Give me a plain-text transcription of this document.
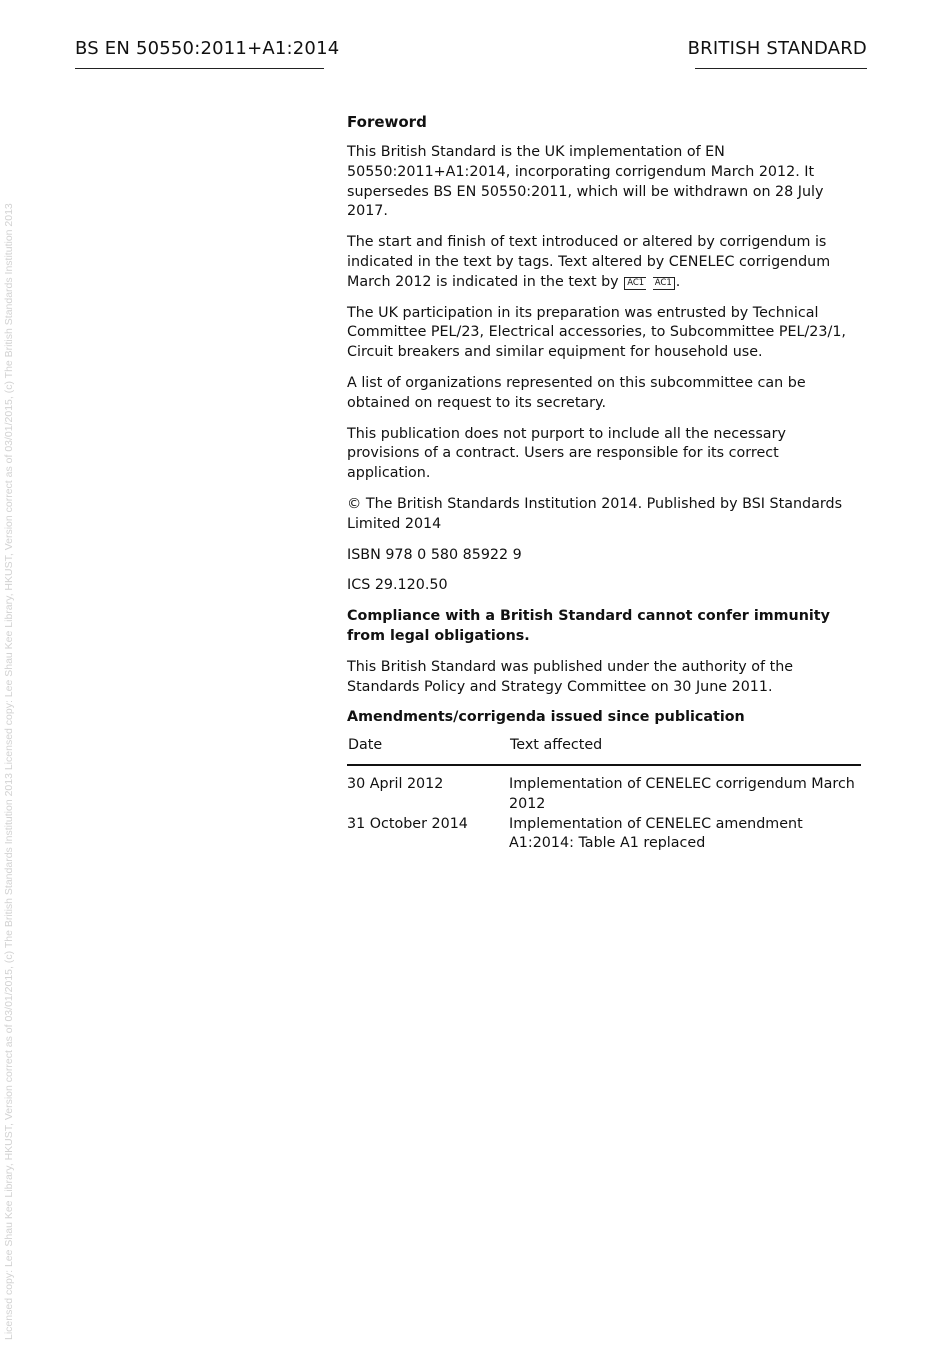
Licensed copy: Lee Shau Kee Library, HKUST, Version correct as of 03/01/2015, (c) The British Standards Institution 2013 Licensed copy: Lee Shau Kee Library, HKUST, Version correct as of 03/01/2015, (c) The British Standards Institution 2013
BS EN 50550:2011+A1:2014	BRITISH STANDARD
Foreword

This British Standard is the UK implementation of EN 50550:2011+A1:2014, incorporating corrigendum March 2012. It supersedes BS EN 50550:2011, which will be withdrawn on 28 July 2017.

The start and finish of text introduced or altered by corrigendum is indicated in the text by tags. Text altered by CENELEC corrigendum March 2012 is indicated in the text by AC1 AC1 .

The UK participation in its preparation was entrusted by Technical Committee PEL/23, Electrical accessories, to Subcommittee PEL/23/1, Circuit breakers and similar equipment for household use.

A list of organizations represented on this subcommittee can be obtained on request to its secretary.

This publication does not purport to include all the necessary provisions of a contract. Users are responsible for its correct application.

© The British Standards Institution 2014. Published by BSI Standards Limited 2014

ISBN 978 0 580 85922 9

ICS 29.120.50

Compliance with a British Standard cannot confer immunity from legal obligations.

This British Standard was published under the authority of the Standards Policy and Strategy Committee on 30 June 2011.

Amendments/corrigenda issued since publication

Date	Text affected
30 April 2012	Implementation of CENELEC corrigendum March 2012
31 October 2014	Implementation of CENELEC amendment A1:2014: Table A1 replaced
